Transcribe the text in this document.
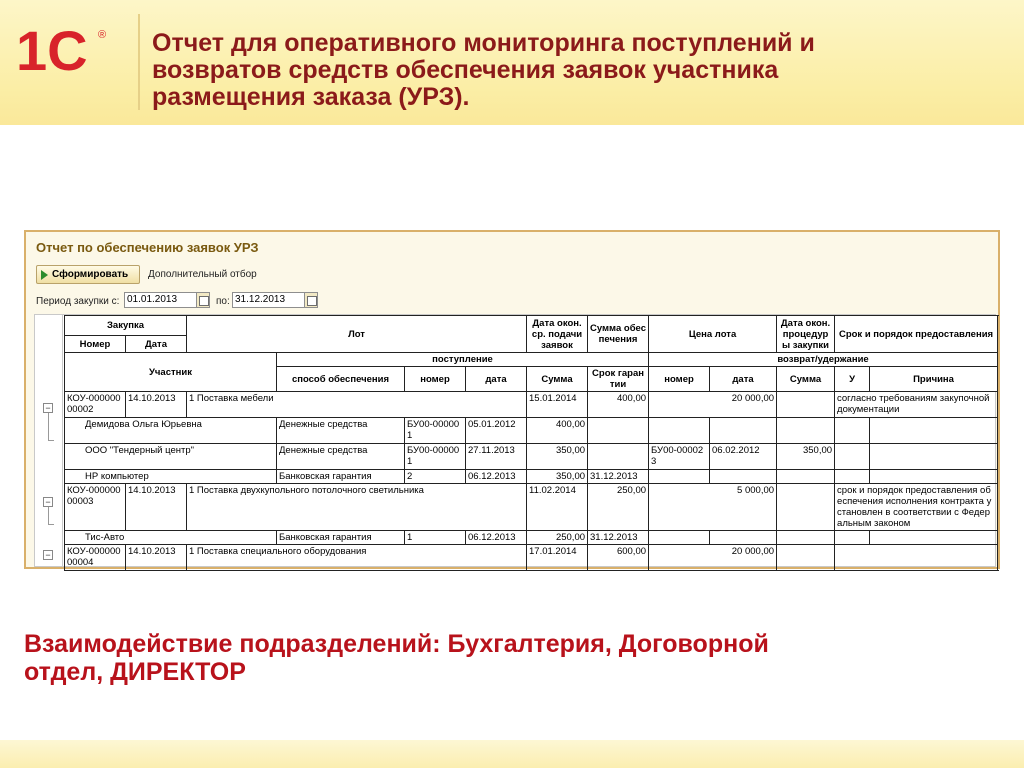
1С ® Отчет для оперативного мониторинга поступлений и
возвратов средств обеспечения заявок участника
размещения заказа (УРЗ).
Отчет по обеспечению заявок УРЗ
Сформировать Дополнительный отбор
Период закупки с: 01.01.2013	по: 31.12.2013
−
−
−
Закупка		Лот				Дата окон. ср. подачи заявок	Сумма обеспечения	Цена лота		Дата окон. процедуры закупки	Срок и порядок предоставления	
Номер	Дата											
Участник			поступление					возврат/удержание				
			способ обеспечения	номер	дата	Сумма	Срок гарантии	номер	дата	Сумма	У	Причина
КОУ-00000000002	14.10.2013	1 Поставка мебели				15.01.2014	400,00	20 000,00			согласно требованиям закупочной документации	
Демидова Ольга Юрьевна			Денежные средства	БУ00-000001	05.01.2012	400,00						
ООО "Тендерный центр"			Денежные средства	БУ00-000001	27.11.2013	350,00		БУ00-000023	06.02.2012	350,00		
НР компьютер			Банковская гарантия	2	06.12.2013	350,00	31.12.2013					
КОУ-00000000003	14.10.2013	1 Поставка двухкупольного потолочного светильника				11.02.2014	250,00	5 000,00			срок и порядок предоставления обеспечения исполнения контракта установлен в соответствии с Федеральным законом	
Тис-Авто			Банковская гарантия	1	06.12.2013	250,00	31.12.2013					
КОУ-00000000004	14.10.2013	1 Поставка специального оборудования				17.01.2014	600,00	20 000,00				
Взаимодействие подразделений: Бухгалтерия, Договорной
отдел, ДИРЕКТОР
